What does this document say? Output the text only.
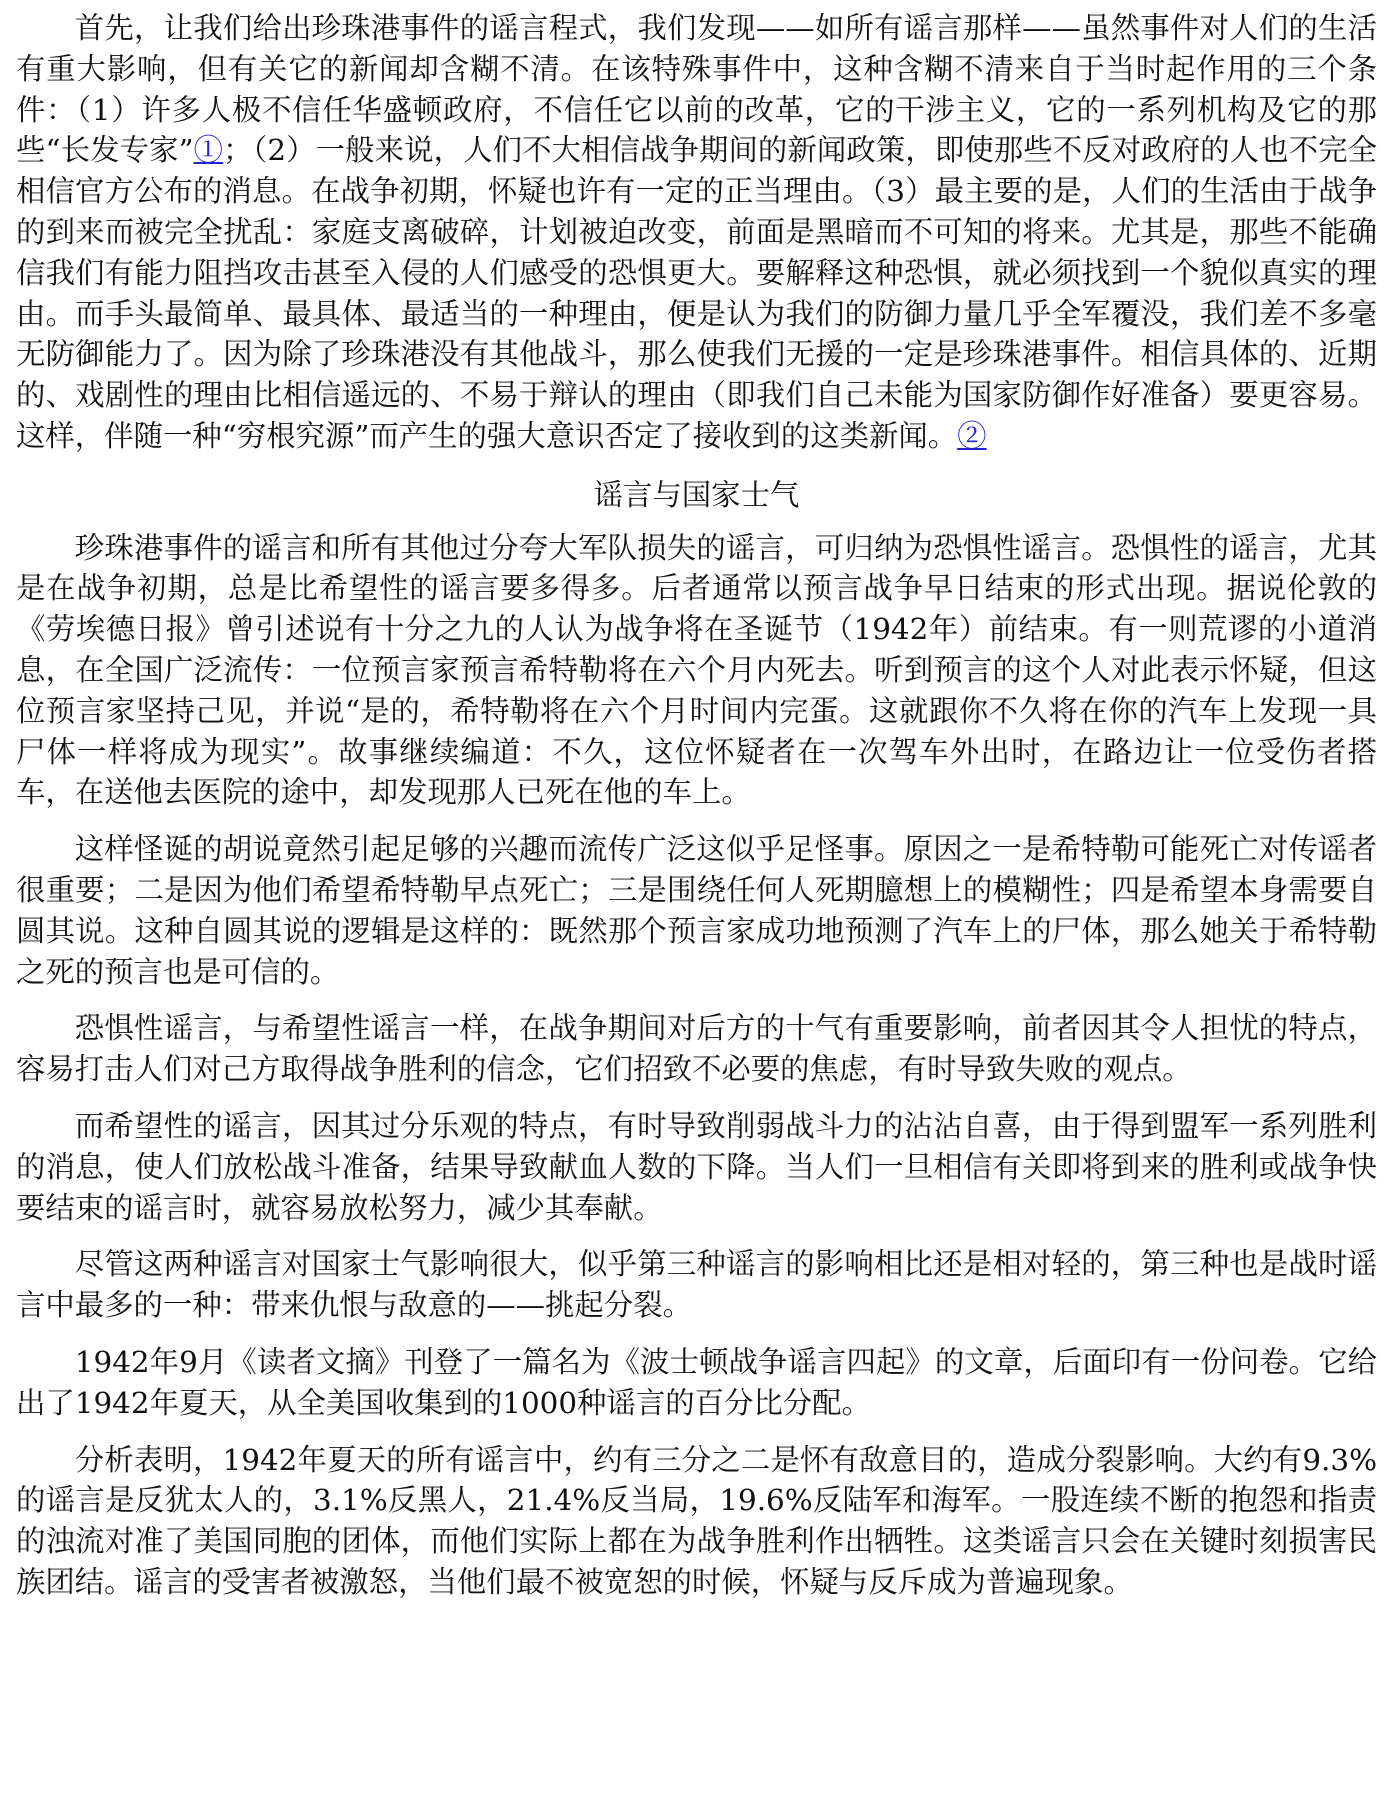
首先，让我们给出珍珠港事件的谣言程式，我们发现——如所有谣言那样——虽然事件对人们的生活有重大影响，但有关它的新闻却含糊不清。在该特殊事件中，这种含糊不清来自于当时起作用的三个条件：（1）许多人极不信任华盛顿政府，不信任它以前的改革，它的干涉主义，它的一系列机构及它的那些“长发专家”①；（2）一般来说，人们不大相信战争期间的新闻政策，即使那些不反对政府的人也不完全相信官方公布的消息。在战争初期，怀疑也许有一定的正当理由。（3）最主要的是，人们的生活由于战争的到来而被完全扰乱：家庭支离破碎，计划被迫改变，前面是黑暗而不可知的将来。尤其是，那些不能确信我们有能力阻挡攻击甚至入侵的人们感受的恐惧更大。要解释这种恐惧，就必须找到一个貌似真实的理由。而手头最简单、最具体、最适当的一种理由，便是认为我们的防御力量几乎全军覆没，我们差不多毫无防御能力了。因为除了珍珠港没有其他战斗，那么使我们无援的一定是珍珠港事件。相信具体的、近期的、戏剧性的理由比相信遥远的、不易于辩认的理由（即我们自己未能为国家防御作好准备）要更容易。这样，伴随一种“穷根究源”而产生的强大意识否定了接收到的这类新闻。②

谣言与国家士气

珍珠港事件的谣言和所有其他过分夸大军队损失的谣言，可归纳为恐惧性谣言。恐惧性的谣言，尤其是在战争初期，总是比希望性的谣言要多得多。后者通常以预言战争早日结束的形式出现。据说伦敦的《劳埃德日报》曾引述说有十分之九的人认为战争将在圣诞节（1942年）前结束。有一则荒谬的小道消息，在全国广泛流传：一位预言家预言希特勒将在六个月内死去。听到预言的这个人对此表示怀疑，但这位预言家坚持己见，并说“是的，希特勒将在六个月时间内完蛋。这就跟你不久将在你的汽车上发现一具尸体一样将成为现实”。故事继续编道：不久，这位怀疑者在一次驾车外出时，在路边让一位受伤者搭车，在送他去医院的途中，却发现那人已死在他的车上。

这样怪诞的胡说竟然引起足够的兴趣而流传广泛这似乎足怪事。原因之一是希特勒可能死亡对传谣者很重要；二是因为他们希望希特勒早点死亡；三是围绕任何人死期臆想上的模糊性；四是希望本身需要自圆其说。这种自圆其说的逻辑是这样的：既然那个预言家成功地预测了汽车上的尸体，那么她关于希特勒之死的预言也是可信的。

恐惧性谣言，与希望性谣言一样，在战争期间对后方的十气有重要影响，前者因其令人担忧的特点，容易打击人们对己方取得战争胜利的信念，它们招致不必要的焦虑，有时导致失败的观点。

而希望性的谣言，因其过分乐观的特点，有时导致削弱战斗力的沾沾自喜，由于得到盟军一系列胜利的消息，使人们放松战斗准备，结果导致献血人数的下降。当人们一旦相信有关即将到来的胜利或战争快要结束的谣言时，就容易放松努力，减少其奉献。

尽管这两种谣言对国家士气影响很大，似乎第三种谣言的影响相比还是相对轻的，第三种也是战时谣言中最多的一种：带来仇恨与敌意的——挑起分裂。

1942年9月《读者文摘》刊登了一篇名为《波士顿战争谣言四起》的文章，后面印有一份问卷。它给出了1942年夏天，从全美国收集到的1000种谣言的百分比分配。

分析表明，1942年夏天的所有谣言中，约有三分之二是怀有敌意目的，造成分裂影响。大约有9.3%的谣言是反犹太人的，3.1%反黑人，21.4%反当局，19.6%反陆军和海军。一股连续不断的抱怨和指责的浊流对准了美国同胞的团体，而他们实际上都在为战争胜利作出牺牲。这类谣言只会在关键时刻损害民族团结。谣言的受害者被激怒，当他们最不被宽恕的时候，怀疑与反斥成为普遍现象。
